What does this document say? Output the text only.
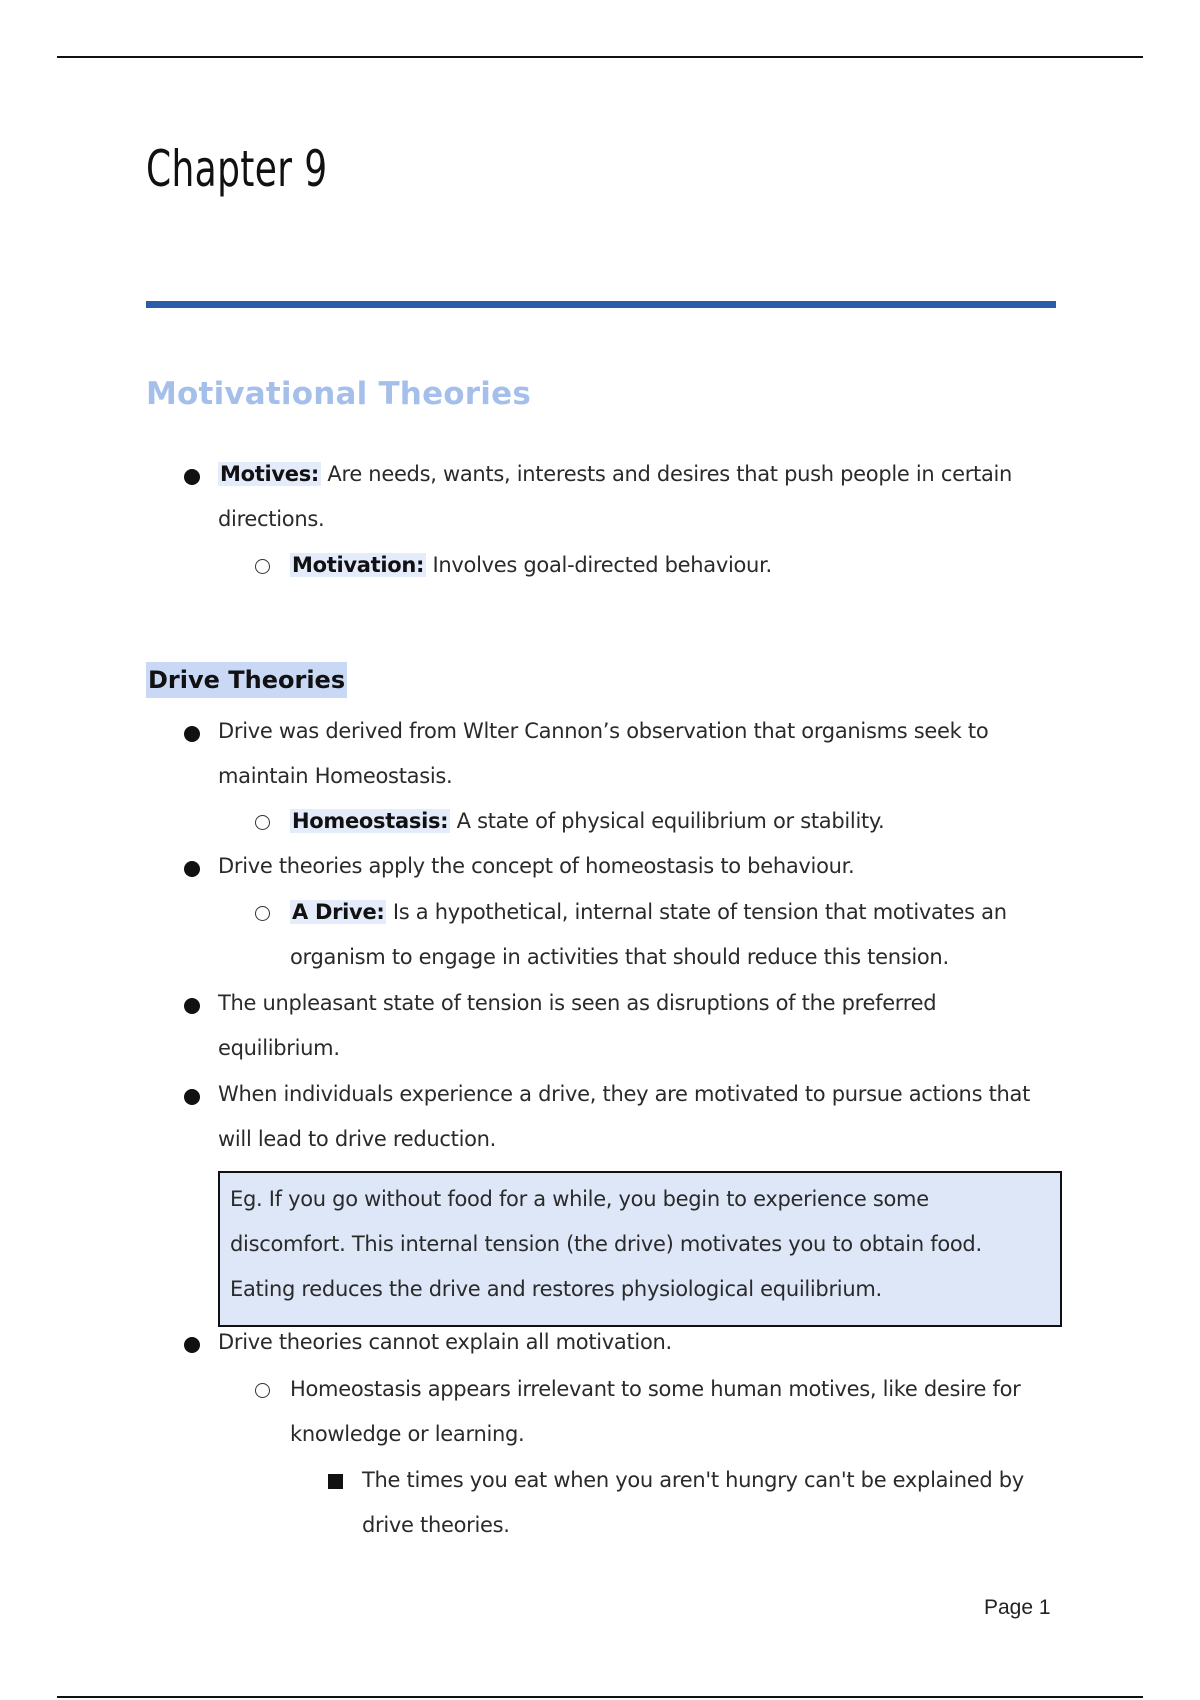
Chapter 9
Motivational Theories
Motives: Are needs, wants, interests and desires that push people in certain directions.
Motivation: Involves goal-directed behaviour.
Drive Theories
Drive was derived from Wlter Cannon’s observation that organisms seek to maintain Homeostasis.
Homeostasis: A state of physical equilibrium or stability.
Drive theories apply the concept of homeostasis to behaviour.
A Drive: Is a hypothetical, internal state of tension that motivates an organism to engage in activities that should reduce this tension.
The unpleasant state of tension is seen as disruptions of the preferred equilibrium.
When individuals experience a drive, they are motivated to pursue actions that will lead to drive reduction.

Eg. If you go without food for a while, you begin to experience some discomfort. This internal tension (the drive) motivates you to obtain food. Eating reduces the drive and restores physiological equilibrium.

Drive theories cannot explain all motivation.
Homeostasis appears irrelevant to some human motives, like desire for knowledge or learning.
The times you eat when you aren't hungry can't be explained by drive theories.
Page 1
